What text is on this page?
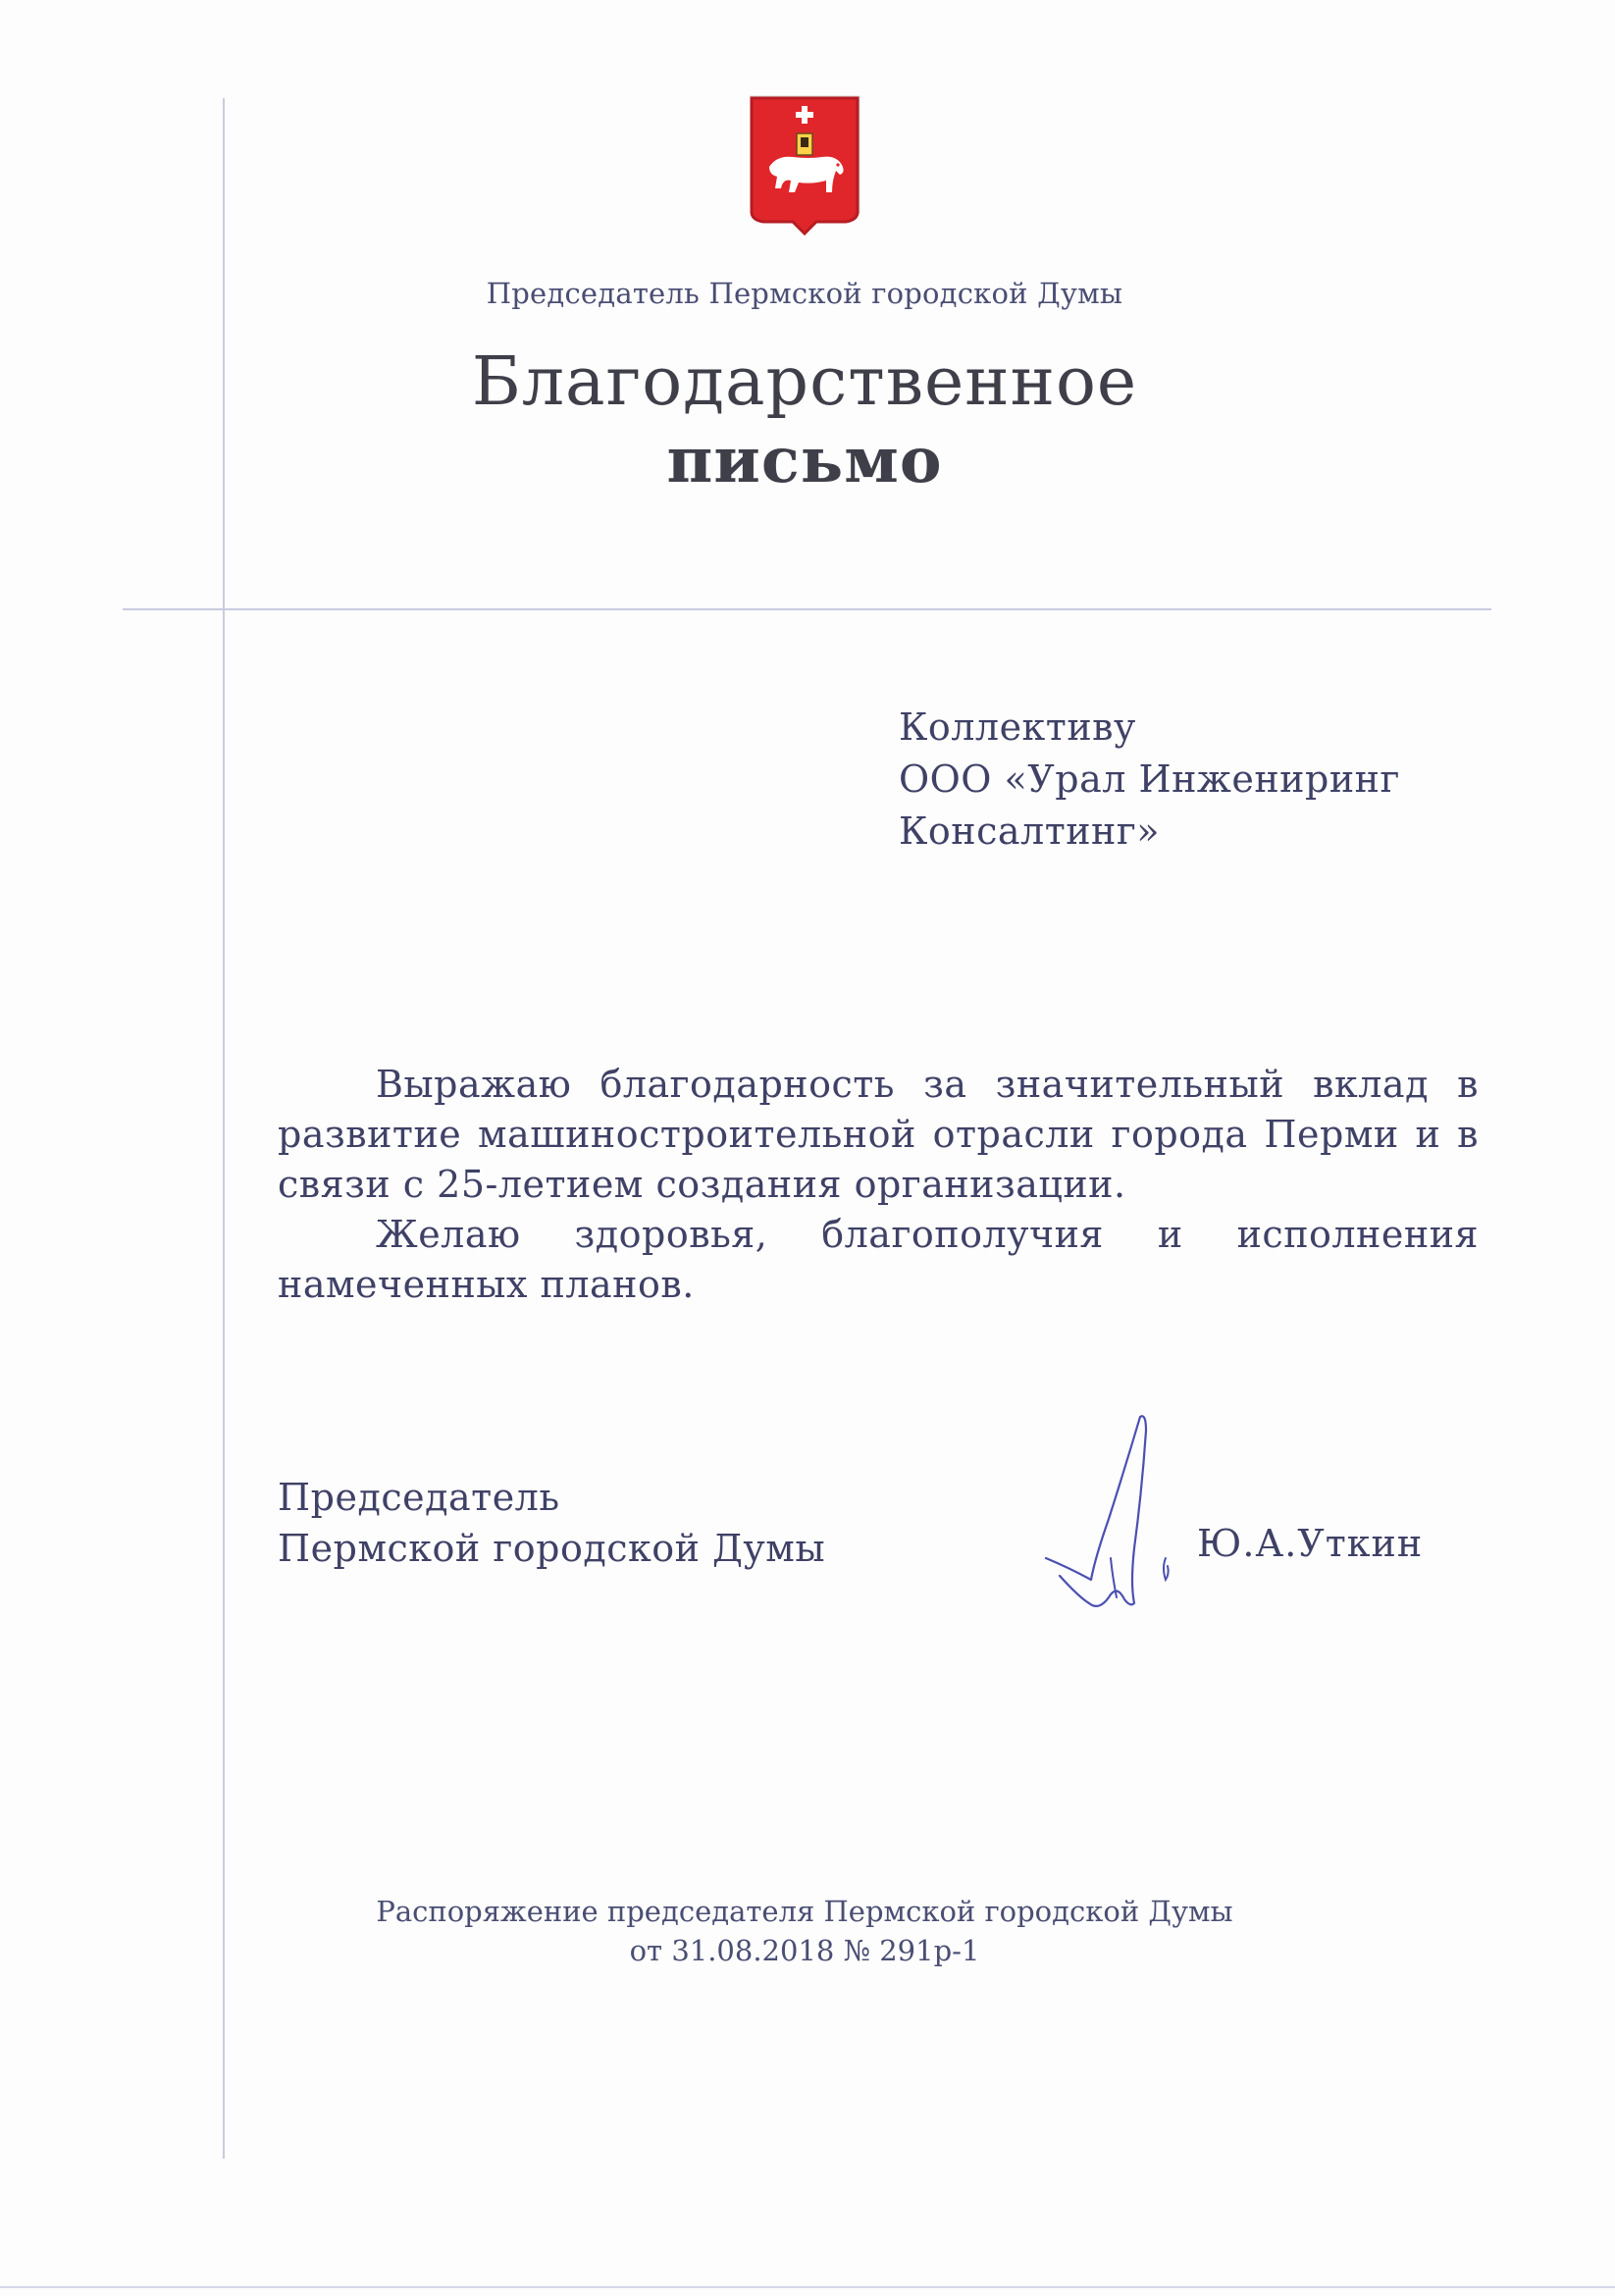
Председатель Пермской городской Думы
Благодарственное
письмо
Коллективу
ООО «Урал Инжениринг
Консалтинг»

Выражаю благодарность за значительный вклад в развитие машиностроительной отрасли города Перми и в связи с 25-летием создания организации.

Желаю здоровья, благополучия и исполнения намеченных планов.

Председатель
Пермской городской Думы	Ю.А.Уткин
Распоряжение председателя Пермской городской Думы
от 31.08.2018 № 291р-1
